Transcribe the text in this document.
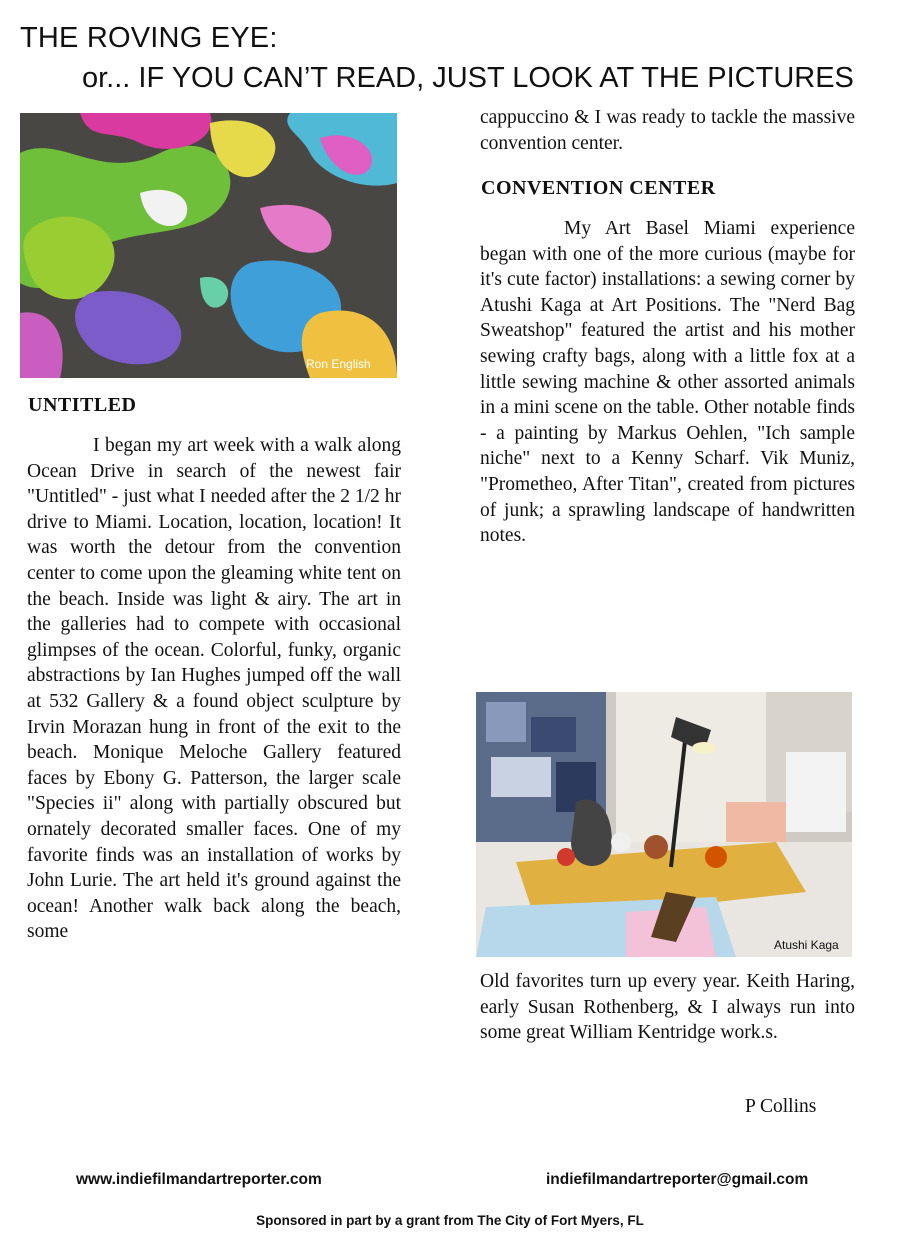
THE ROVING EYE:
or... IF YOU CAN’T READ, JUST LOOK AT THE PICTURES
Ron English
UNTITLED

I began my art week with a walk along Ocean Drive in search of the newest fair "Untitled" - just what I needed after the 2 1/2 hr drive to Miami. Location, location, location! It was worth the detour from the convention center to come upon the gleaming white tent on the beach. Inside was light & airy. The art in the galleries had to compete with occasional glimpses of the ocean. Colorful, funky, organic abstractions by Ian Hughes jumped off the wall at 532 Gallery & a found object sculpture by Irvin Morazan hung in front of the exit to the beach. Monique Meloche Gallery featured faces by Ebony G. Patterson, the larger scale "Species ii" along with partially obscured but ornately decorated smaller faces. One of my favorite finds was an installation of works by John Lurie. The art held it's ground against the ocean! Another walk back along the beach, some

cappuccino & I was ready to tackle the massive convention center.

CONVENTION CENTER

My Art Basel Miami experience began with one of the more curious (maybe for it's cute factor) installations: a sewing corner by Atushi Kaga at Art Positions. The "Nerd Bag Sweatshop" featured the artist and his mother sewing crafty bags, along with a little fox at a little sewing machine & other assorted animals in a mini scene on the table. Other notable finds - a painting by Markus Oehlen, "Ich sample niche" next to a Kenny Scharf. Vik Muniz, "Prometheo, After Titan", created from pictures of junk; a sprawling landscape of handwritten notes.

Atushi Kaga

Old favorites turn up every year. Keith Haring, early Susan Rothenberg, & I always run into some great William Kentridge work.s.

P Collins
www.indiefilmandartreporter.com	indiefilmandartreporter@gmail.com
Sponsored in part by a grant from The City of Fort Myers, FL
